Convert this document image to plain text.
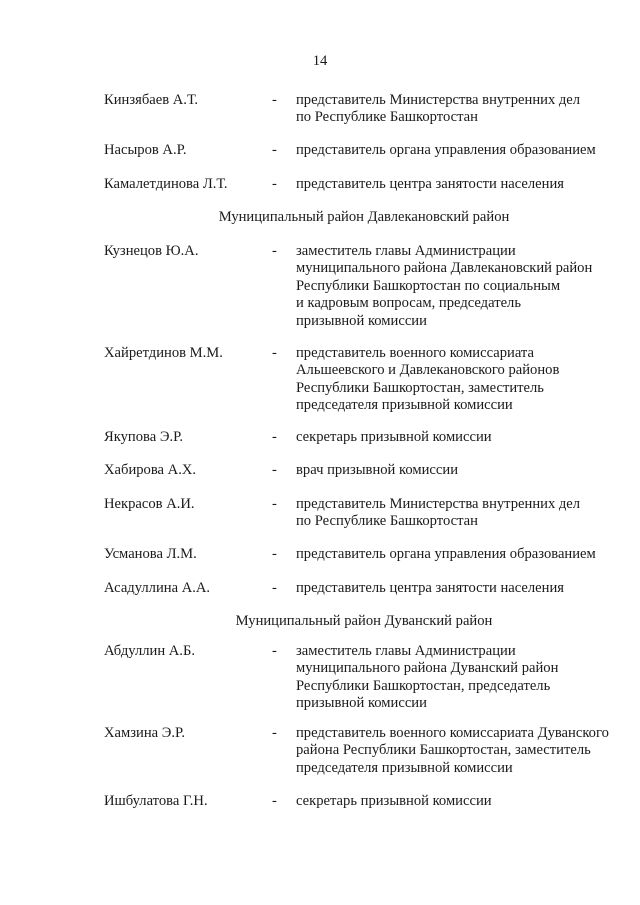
14
Кинзябаев А.Т.	- представитель Министерства внутренних дел
по Республике Башкортостан
Насыров А.Р.	- представитель органа управления образованием
Камалетдинова Л.Т.	- представитель центра занятости населения
Муниципальный район Давлекановский район
Кузнецов Ю.А.	- заместитель главы Администрации
муниципального района Давлекановский район
Республики Башкортостан по социальным
и кадровым вопросам, председатель
призывной комиссии
Хайретдинов М.М.	- представитель военного комиссариата
Альшеевского и Давлекановского районов
Республики Башкортостан, заместитель
председателя призывной комиссии
Якупова Э.Р.	- секретарь призывной комиссии
Хабирова А.Х.	- врач призывной комиссии
Некрасов А.И.	- представитель Министерства внутренних дел
по Республике Башкортостан
Усманова Л.М.	- представитель органа управления образованием
Асадуллина А.А.	- представитель центра занятости населения
Муниципальный район Дуванский район
Абдуллин А.Б.	- заместитель главы Администрации
муниципального района Дуванский район
Республики Башкортостан, председатель
призывной комиссии
Хамзина Э.Р.	- представитель военного комиссариата Дуванского
района Республики Башкортостан, заместитель
председателя призывной комиссии
Ишбулатова Г.Н.	- секретарь призывной комиссии
